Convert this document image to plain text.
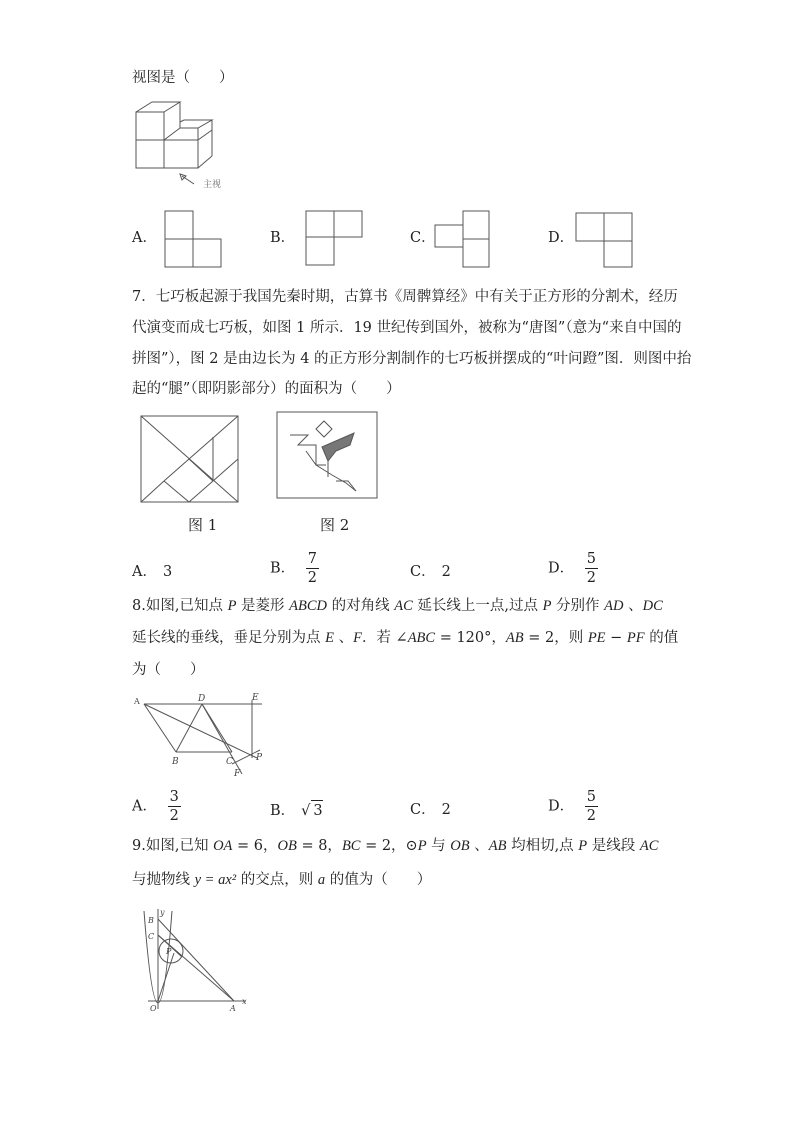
视图是（　　）
主视
A．	B．	C．	D．
7．七巧板起源于我国先秦时期，古算书《周髀算经》中有关于正方形的分割术，经历
代演变而成七巧板，如图 1 所示．19 世纪传到国外，被称为“唐图”（意为“来自中国的
拼图”），图 2 是由边长为 4 的正方形分割制作的七巧板拼摆成的“叶问蹬”图．则图中抬
起的“腿”（即阴影部分）的面积为（　　）
图 1	图 2
A． 3	B． $\frac{7}{2}$	C． 2	D． $\frac{5}{2}$
8.如图,已知点 P 是菱形 ABCD 的对角线 AC 延长线上一点,过点 P 分别作 AD 、DC
延长线的垂线，垂足分别为点 E 、F．若 ∠ABC = 120°，AB = 2，则 PE − PF 的值
为（　　）
A	D	E
B	C
F
P
A． $\frac{3}{2}$	B． √ 3	C． 2	D． $\frac{5}{2}$
9.如图,已知 OA = 6，OB = 8，BC = 2，⊙P 与 OB 、AB 均相切,点 P 是线段 AC
与抛物线 y = ax² 的交点，则 a 的值为（　　）
y
B
C
P
O	A
x
